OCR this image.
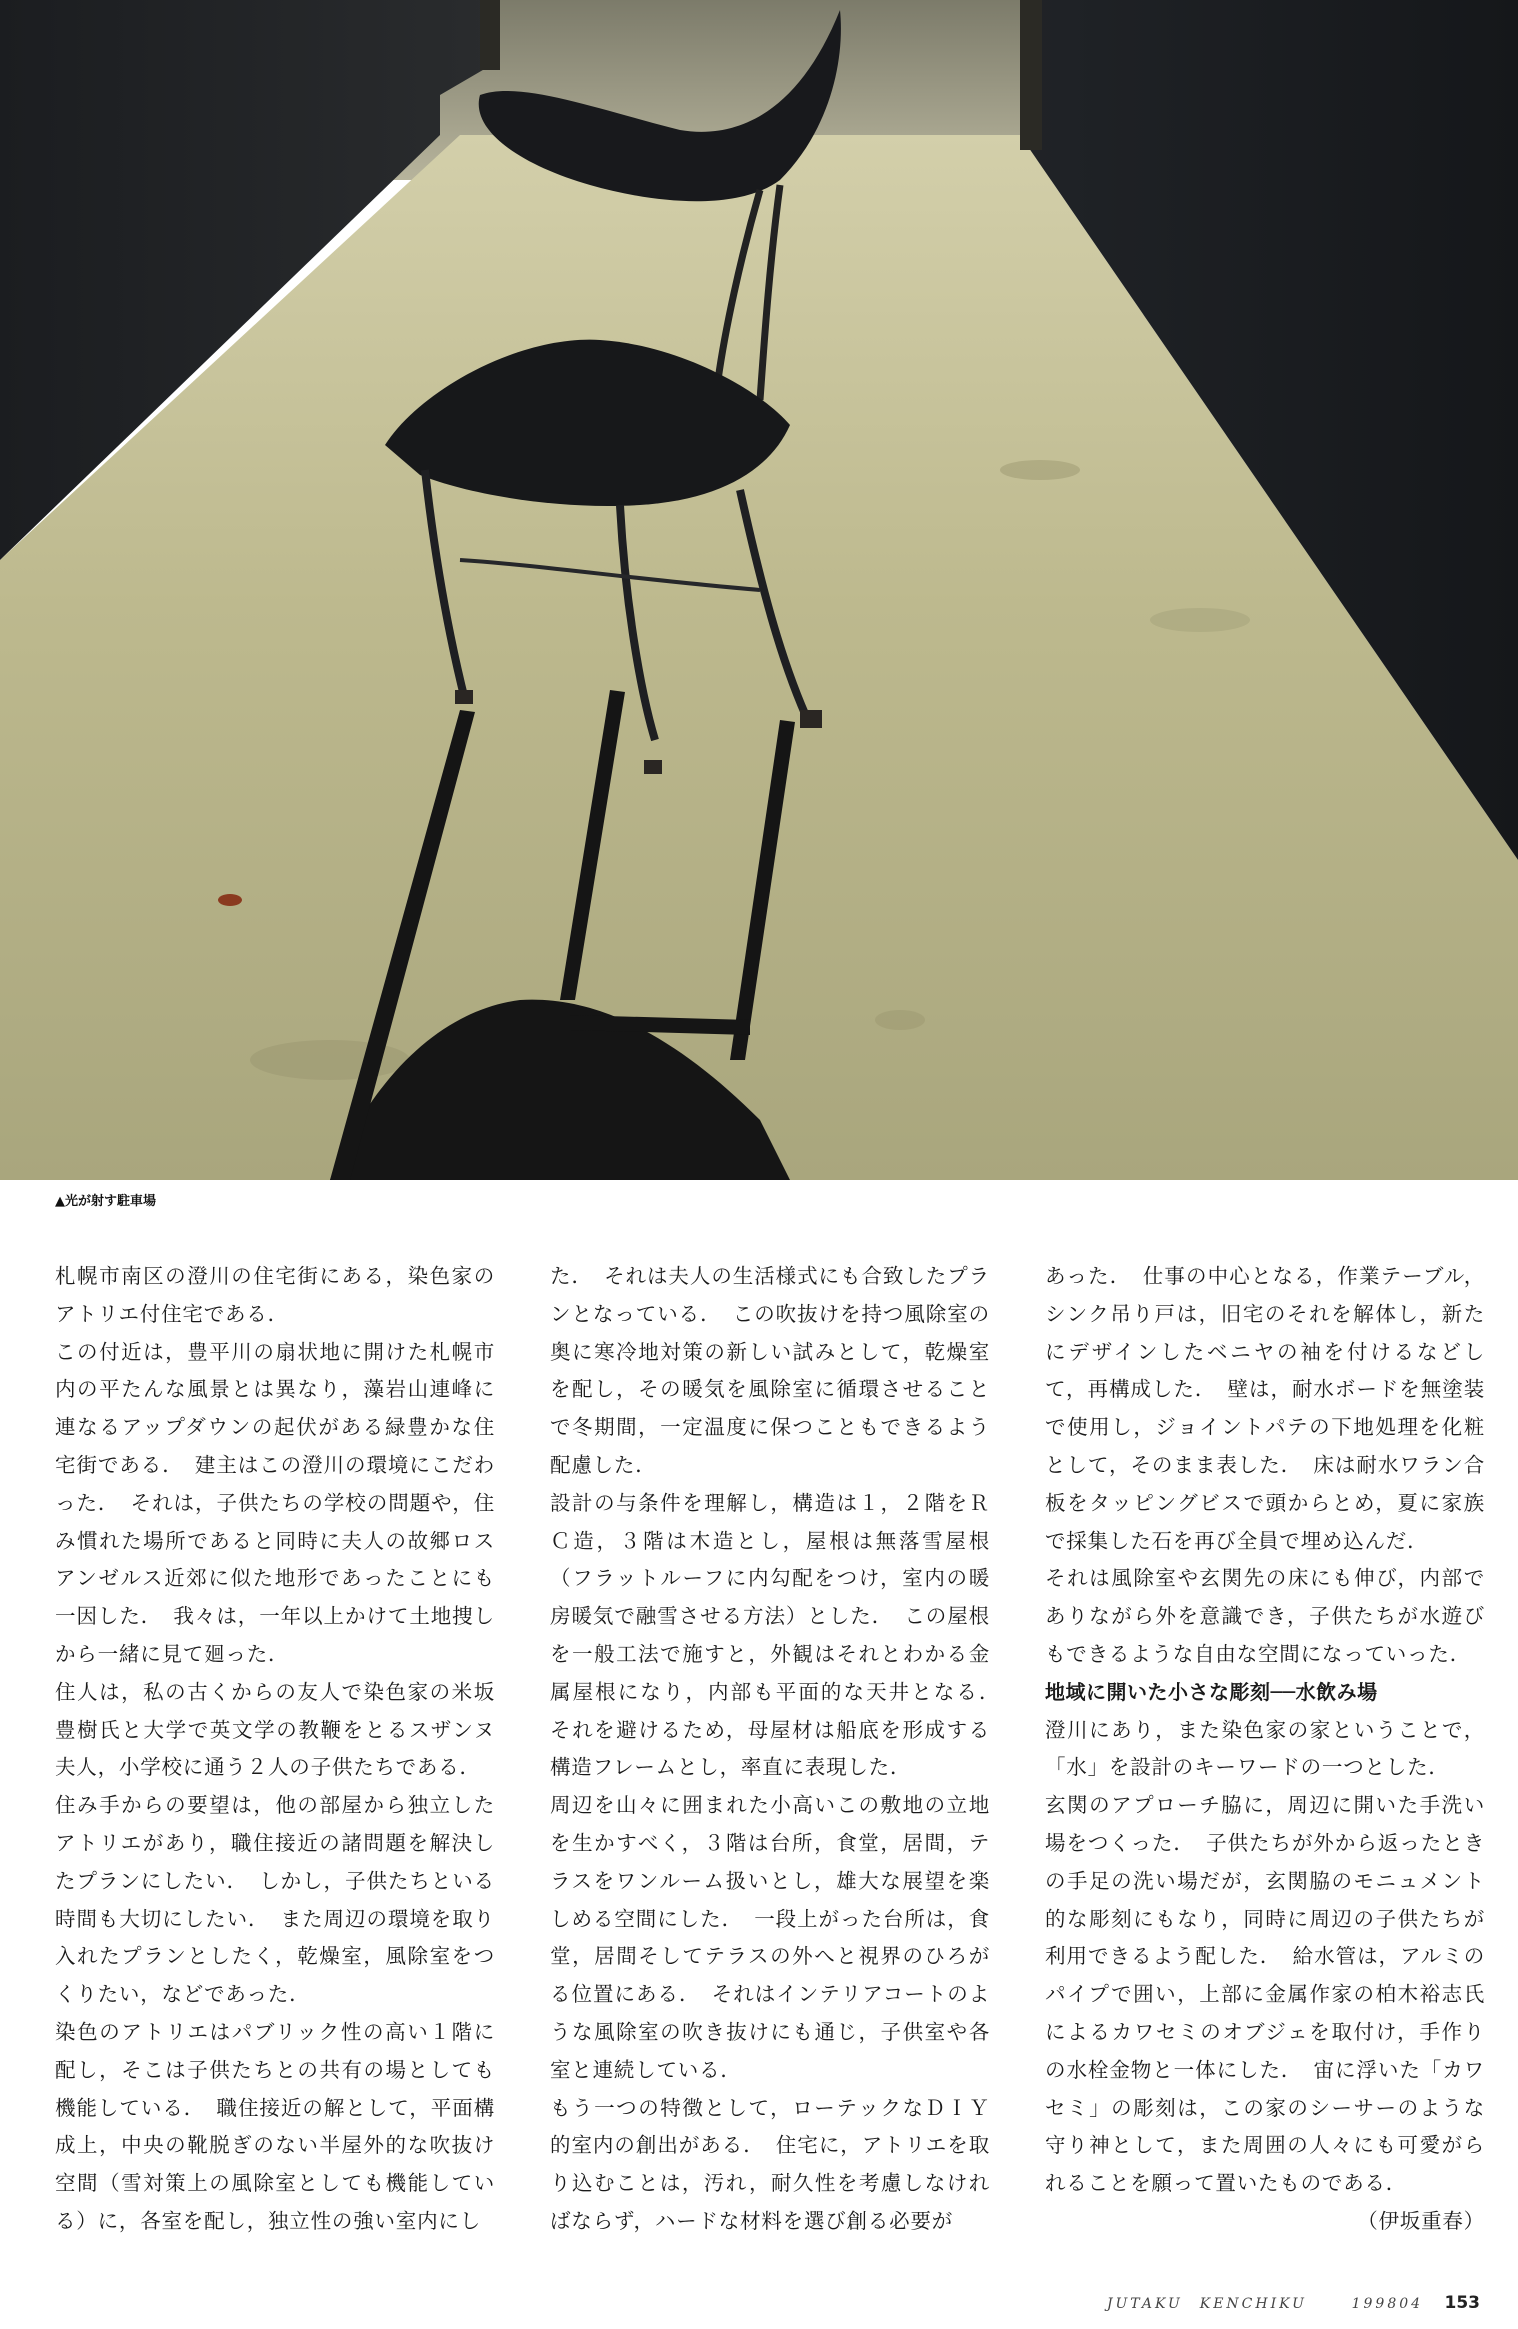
▲光が射す駐車場

札幌市南区の澄川の住宅街にある，染色家のアトリエ付住宅である．

この付近は，豊平川の扇状地に開けた札幌市内の平たんな風景とは異なり，藻岩山連峰に連なるアップダウンの起伏がある緑豊かな住宅街である．　建主はこの澄川の環境にこだわった．　それは，子供たちの学校の問題や，住み慣れた場所であると同時に夫人の故郷ロスアンゼルス近郊に似た地形であったことにも一因した．　我々は，一年以上かけて土地捜しから一緒に見て廻った．

住人は，私の古くからの友人で染色家の米坂豊樹氏と大学で英文学の教鞭をとるスザンヌ夫人，小学校に通う２人の子供たちである．

住み手からの要望は，他の部屋から独立したアトリエがあり，職住接近の諸問題を解決したプランにしたい．　しかし，子供たちといる時間も大切にしたい．　また周辺の環境を取り入れたプランとしたく，乾燥室，風除室をつくりたい，などであった．

染色のアトリエはパブリック性の高い１階に配し，そこは子供たちとの共有の場としても機能している．　職住接近の解として，平面構成上，中央の靴脱ぎのない半屋外的な吹抜け空間（雪対策上の風除室としても機能している）に，各室を配し，独立性の強い室内にし

た．　それは夫人の生活様式にも合致したプランとなっている．　この吹抜けを持つ風除室の奥に寒冷地対策の新しい試みとして，乾燥室を配し，その暖気を風除室に循環させることで冬期間，一定温度に保つこともできるよう配慮した．

設計の与条件を理解し，構造は１，２階をＲＣ造，３階は木造とし，屋根は無落雪屋根（フラットルーフに内勾配をつけ，室内の暖房暖気で融雪させる方法）とした．　この屋根を一般工法で施すと，外観はそれとわかる金属屋根になり，内部も平面的な天井となる．　それを避けるため，母屋材は船底を形成する構造フレームとし，率直に表現した．

周辺を山々に囲まれた小高いこの敷地の立地を生かすべく，３階は台所，食堂，居間，テラスをワンルーム扱いとし，雄大な展望を楽しめる空間にした．　一段上がった台所は，食堂，居間そしてテラスの外へと視界のひろがる位置にある．　それはインテリアコートのような風除室の吹き抜けにも通じ，子供室や各室と連続している．

もう一つの特徴として，ローテックなＤＩＹ的室内の創出がある．　住宅に，アトリエを取り込むことは，汚れ，耐久性を考慮しなければならず，ハードな材料を選び創る必要が

あった．　仕事の中心となる，作業テーブル，シンク吊り戸は，旧宅のそれを解体し，新たにデザインしたベニヤの袖を付けるなどして，再構成した．　壁は，耐水ボードを無塗装で使用し，ジョイントパテの下地処理を化粧として，そのまま表した．　床は耐水ワラン合板をタッピングビスで頭からとめ，夏に家族で採集した石を再び全員で埋め込んだ．

それは風除室や玄関先の床にも伸び，内部でありながら外を意識でき，子供たちが水遊びもできるような自由な空間になっていった．

地域に開いた小さな彫刻──水飲み場

澄川にあり，また染色家の家ということで，「水」を設計のキーワードの一つとした．

玄関のアプローチ脇に，周辺に開いた手洗い場をつくった．　子供たちが外から返ったときの手足の洗い場だが，玄関脇のモニュメント的な彫刻にもなり，同時に周辺の子供たちが利用できるよう配した．　給水管は，アルミのパイプで囲い，上部に金属作家の柏木裕志氏によるカワセミのオブジェを取付け，手作りの水栓金物と一体にした．　宙に浮いた「カワセミ」の彫刻は，この家のシーサーのような守り神として，また周囲の人々にも可愛がられることを願って置いたものである．

（伊坂重春）

JUTAKU　KENCHIKU	199804 153
